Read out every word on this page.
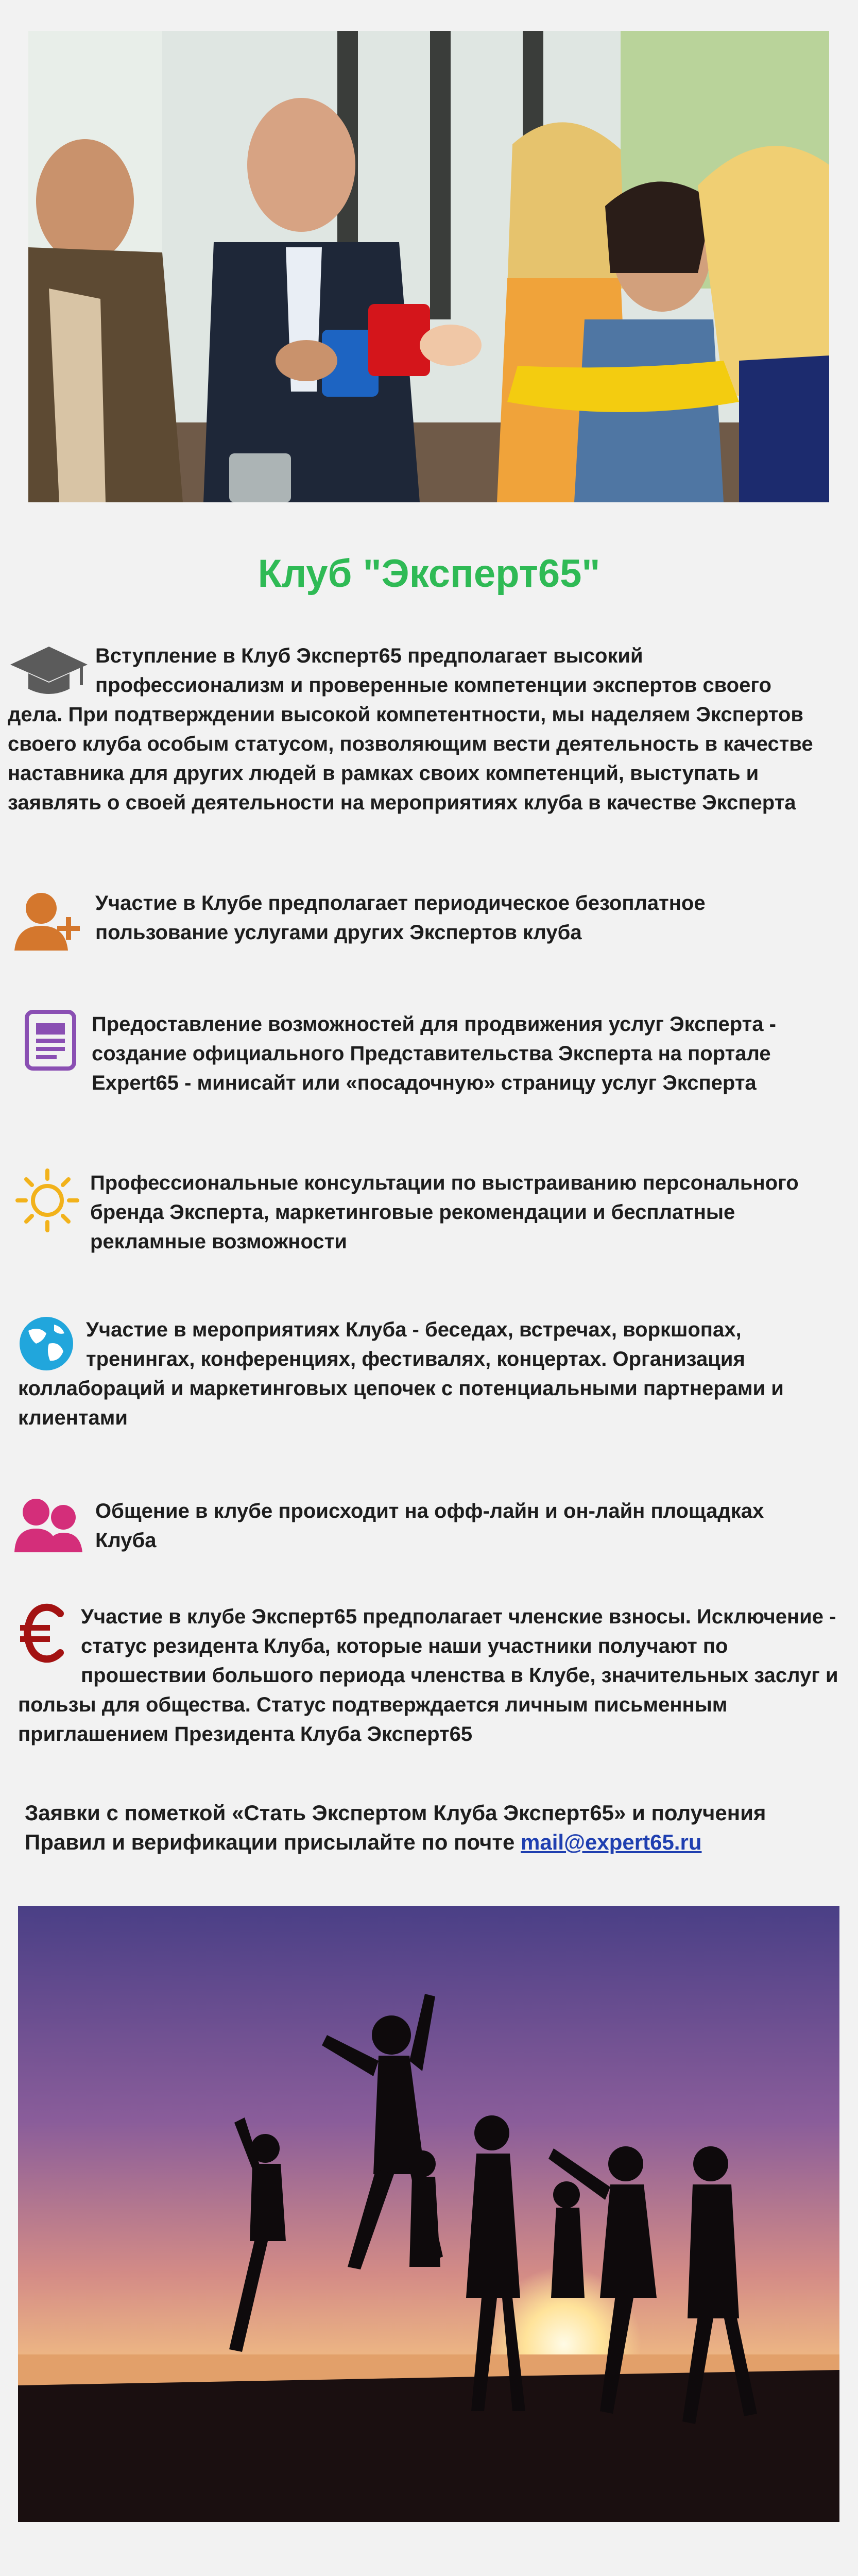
Клуб "Эксперт65"
Вступление в Клуб Эксперт65 предполагает высокий профессионализм и проверенные компетенции экспертов своего дела. При подтверждении высокой компетентности, мы наделяем Экспертов своего клуба особым статусом, позволяющим вести деятельность в качестве наставника для других людей в рамках своих компетенций, выступать и заявлять о своей деятельности на мероприятиях клуба в качестве Эксперта
Участие в Клубе предполагает периодическое безоплатное пользование услугами других Экспертов клуба
Предоставление возможностей для продвижения услуг Эксперта - создание официального Представительства Эксперта на портале Expert65 - минисайт или «посадочную» страницу услуг Эксперта
Профессиональные консультации по выстраиванию персонального бренда Эксперта, маркетинговые рекомендации и бесплатные рекламные возможности
Участие в мероприятиях Клуба - беседах, встречах, воркшопах, тренингах, конференциях, фестивалях, концертах. Организация коллабораций и маркетинговых цепочек с потенциальными партнерами и клиентами
Общение в клубе происходит на офф-лайн и он-лайн площадках Клуба
Участие в клубе Эксперт65 предполагает членские взносы. Исключение - статус резидента Клуба, которые наши участники получают по прошествии большого периода членства в Клубе, значительных заслуг и пользы для общества. Статус подтверждается личным письменным приглашением Президента Клуба Эксперт65
Заявки с пометкой «Стать Экспертом Клуба Эксперт65» и получения Правил и верификации присылайте по почте mail@expert65.ru
